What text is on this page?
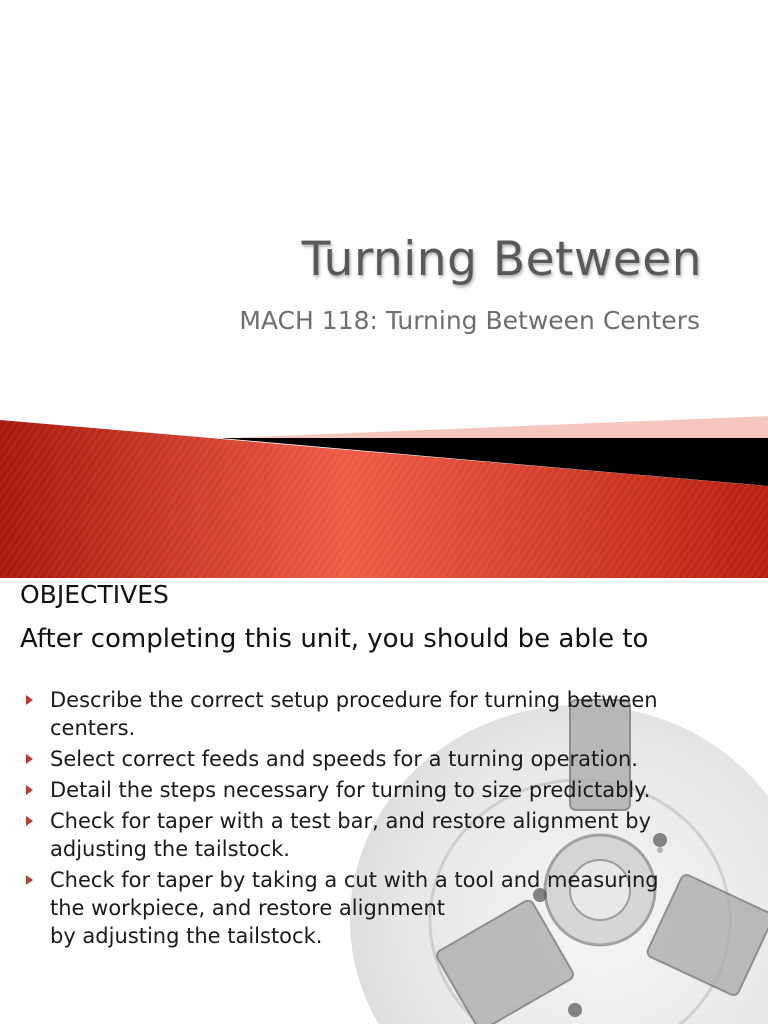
Turning Between
MACH 118: Turning Between Centers
OBJECTIVES
After completing this unit, you should be able to
Describe the correct setup procedure for turning between
centers.
Select correct feeds and speeds for a turning operation.
Detail the steps necessary for turning to size predictably.
Check for taper with a test bar, and restore alignment by
adjusting the tailstock.
Check for taper by taking a cut with a tool and measuring
the workpiece, and restore alignment
by adjusting the tailstock.
